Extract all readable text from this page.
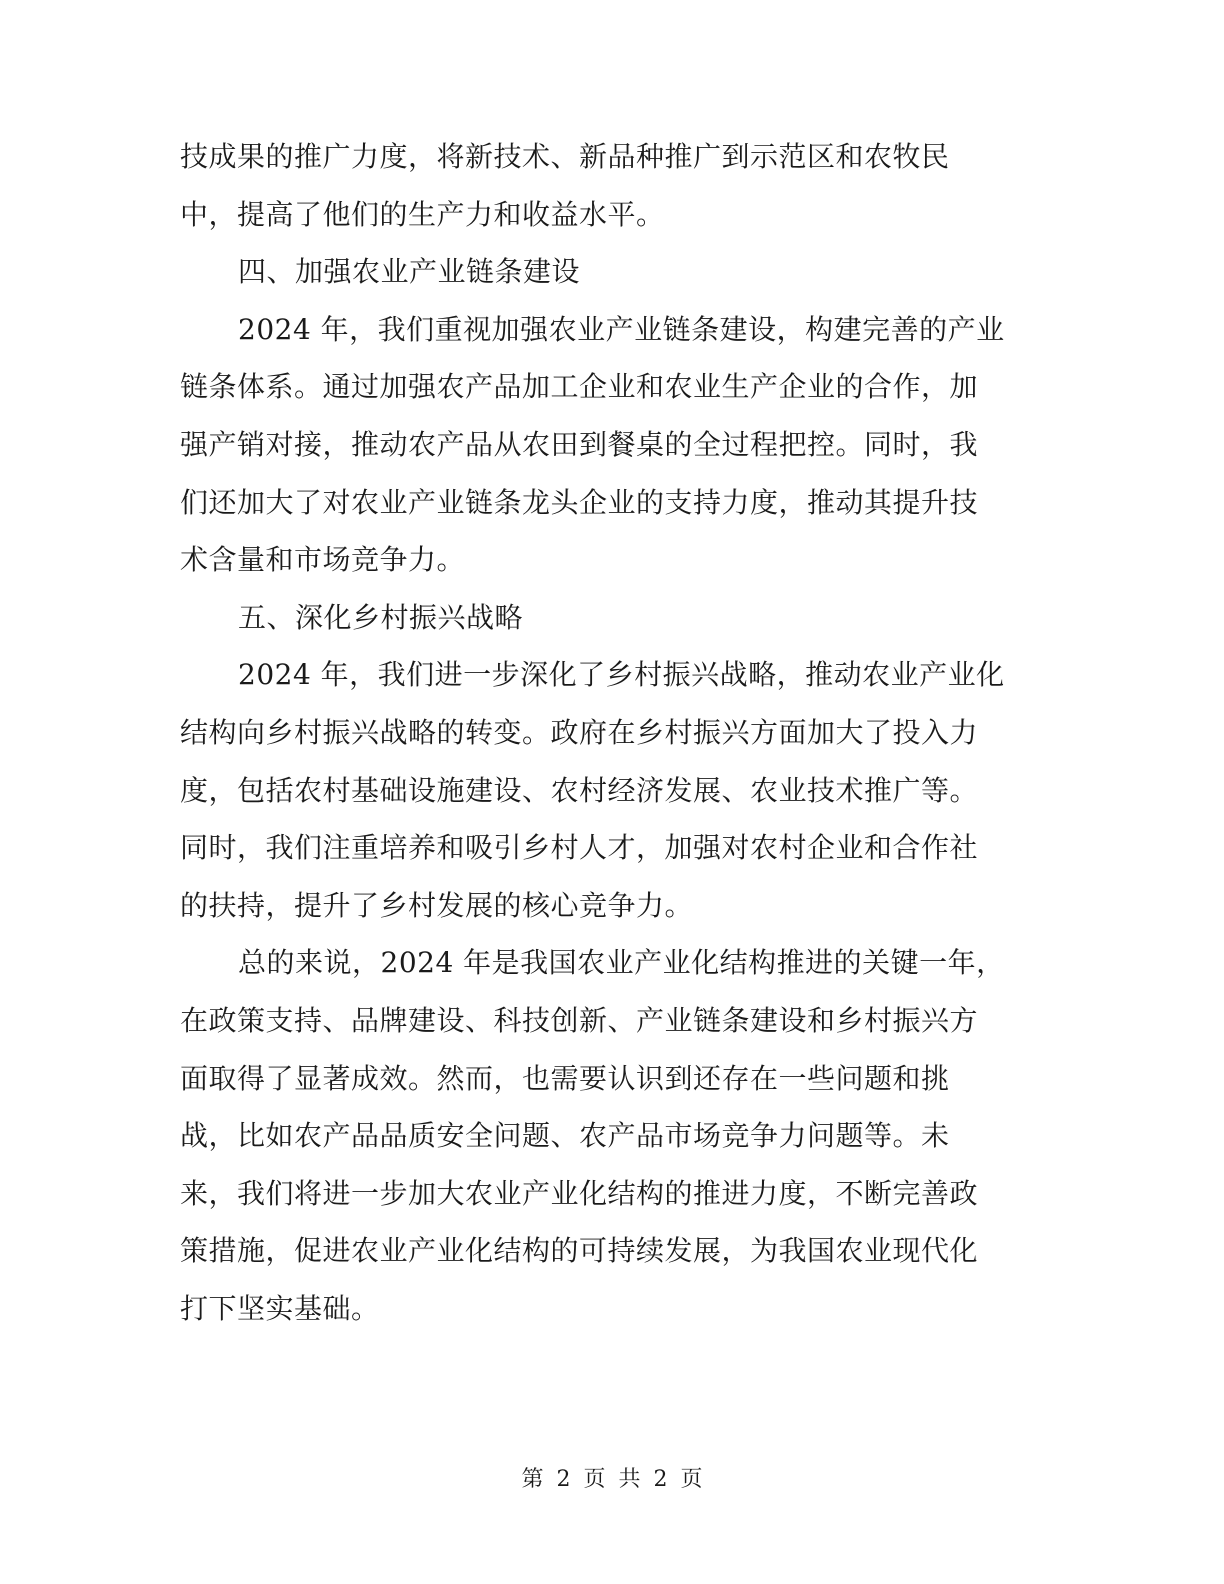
技成果的推广力度，将新技术、新品种推广到示范区和农牧民
中，提高了他们的生产力和收益水平。
四、加强农业产业链条建设
2024 年，我们重视加强农业产业链条建设，构建完善的产业
链条体系。通过加强农产品加工企业和农业生产企业的合作，加
强产销对接，推动农产品从农田到餐桌的全过程把控。同时，我
们还加大了对农业产业链条龙头企业的支持力度，推动其提升技
术含量和市场竞争力。
五、深化乡村振兴战略
2024 年，我们进一步深化了乡村振兴战略，推动农业产业化
结构向乡村振兴战略的转变。政府在乡村振兴方面加大了投入力
度，包括农村基础设施建设、农村经济发展、农业技术推广等。
同时，我们注重培养和吸引乡村人才，加强对农村企业和合作社
的扶持，提升了乡村发展的核心竞争力。
总的来说，2024 年是我国农业产业化结构推进的关键一年，
在政策支持、品牌建设、科技创新、产业链条建设和乡村振兴方
面取得了显著成效。然而，也需要认识到还存在一些问题和挑
战，比如农产品品质安全问题、农产品市场竞争力问题等。未
来，我们将进一步加大农业产业化结构的推进力度，不断完善政
策措施，促进农业产业化结构的可持续发展，为我国农业现代化
打下坚实基础。
第 2 页 共 2 页
